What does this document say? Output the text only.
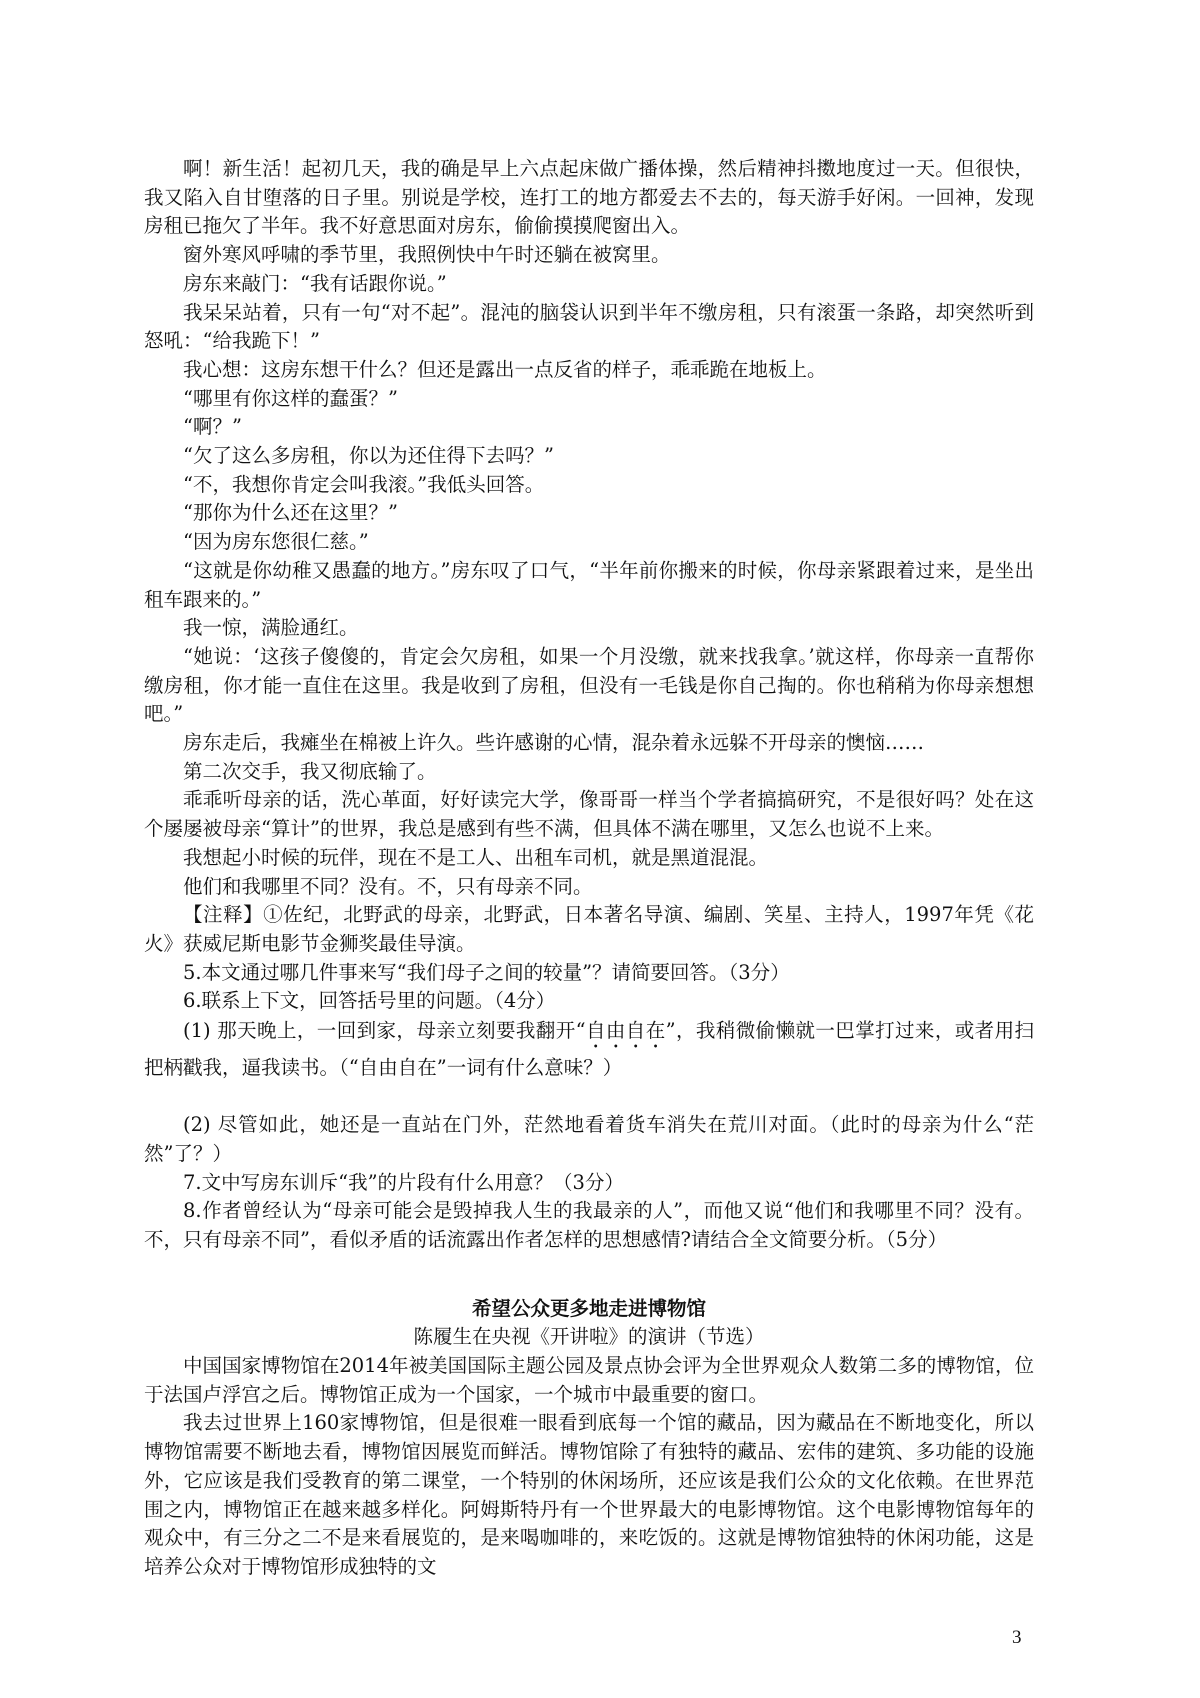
啊！新生活！起初几天，我的确是早上六点起床做广播体操，然后精神抖擞地度过一天。但很快，我又陷入自甘堕落的日子里。别说是学校，连打工的地方都爱去不去的，每天游手好闲。一回神，发现房租已拖欠了半年。我不好意思面对房东，偷偷摸摸爬窗出入。

窗外寒风呼啸的季节里，我照例快中午时还躺在被窝里。

房东来敲门：“我有话跟你说。”

我呆呆站着，只有一句“对不起”。混沌的脑袋认识到半年不缴房租，只有滚蛋一条路，却突然听到怒吼：“给我跪下！”

我心想：这房东想干什么？但还是露出一点反省的样子，乖乖跪在地板上。

“哪里有你这样的蠢蛋？”

“啊？”

“欠了这么多房租，你以为还住得下去吗？”

“不，我想你肯定会叫我滚。”我低头回答。

“那你为什么还在这里？”

“因为房东您很仁慈。”

“这就是你幼稚又愚蠢的地方。”房东叹了口气，“半年前你搬来的时候，你母亲紧跟着过来，是坐出租车跟来的。”

我一惊，满脸通红。

“她说：‘这孩子傻傻的，肯定会欠房租，如果一个月没缴，就来找我拿。’就这样，你母亲一直帮你缴房租，你才能一直住在这里。我是收到了房租，但没有一毛钱是你自己掏的。你也稍稍为你母亲想想吧。”

房东走后，我瘫坐在棉被上许久。些许感谢的心情，混杂着永远躲不开母亲的懊恼……

第二次交手，我又彻底输了。

乖乖听母亲的话，洗心革面，好好读完大学，像哥哥一样当个学者搞搞研究，不是很好吗？处在这个屡屡被母亲“算计”的世界，我总是感到有些不满，但具体不满在哪里，又怎么也说不上来。

我想起小时候的玩伴，现在不是工人、出租车司机，就是黑道混混。

他们和我哪里不同？没有。不，只有母亲不同。

【注释】①佐纪，北野武的母亲，北野武，日本著名导演、编剧、笑星、主持人，1997年凭《花火》获威尼斯电影节金狮奖最佳导演。

5.本文通过哪几件事来写“我们母子之间的较量”？请简要回答。（3分）

6.联系上下文，回答括号里的问题。（4分）

(1) 那天晚上，一回到家，母亲立刻要我翻开“自由自在”，我稍微偷懒就一巴掌打过来，或者用扫把柄戳我，逼我读书。（“自由自在”一词有什么意味？）

(2) 尽管如此，她还是一直站在门外，茫然地看着货车消失在荒川对面。（此时的母亲为什么“茫然”了？）

7.文中写房东训斥“我”的片段有什么用意？（3分）

8.作者曾经认为“母亲可能会是毁掉我人生的我最亲的人”，而他又说“他们和我哪里不同？没有。不，只有母亲不同”，看似矛盾的话流露出作者怎样的思想感情?请结合全文简要分析。（5分）

希望公众更多地走进博物馆

陈履生在央视《开讲啦》的演讲（节选）

中国国家博物馆在2014年被美国国际主题公园及景点协会评为全世界观众人数第二多的博物馆，位于法国卢浮宫之后。博物馆正成为一个国家，一个城市中最重要的窗口。

我去过世界上160家博物馆，但是很难一眼看到底每一个馆的藏品，因为藏品在不断地变化，所以博物馆需要不断地去看，博物馆因展览而鲜活。博物馆除了有独特的藏品、宏伟的建筑、多功能的设施外，它应该是我们受教育的第二课堂，一个特别的休闲场所，还应该是我们公众的文化依赖。在世界范围之内，博物馆正在越来越多样化。阿姆斯特丹有一个世界最大的电影博物馆。这个电影博物馆每年的观众中，有三分之二不是来看展览的，是来喝咖啡的，来吃饭的。这就是博物馆独特的休闲功能，这是培养公众对于博物馆形成独特的文

3
